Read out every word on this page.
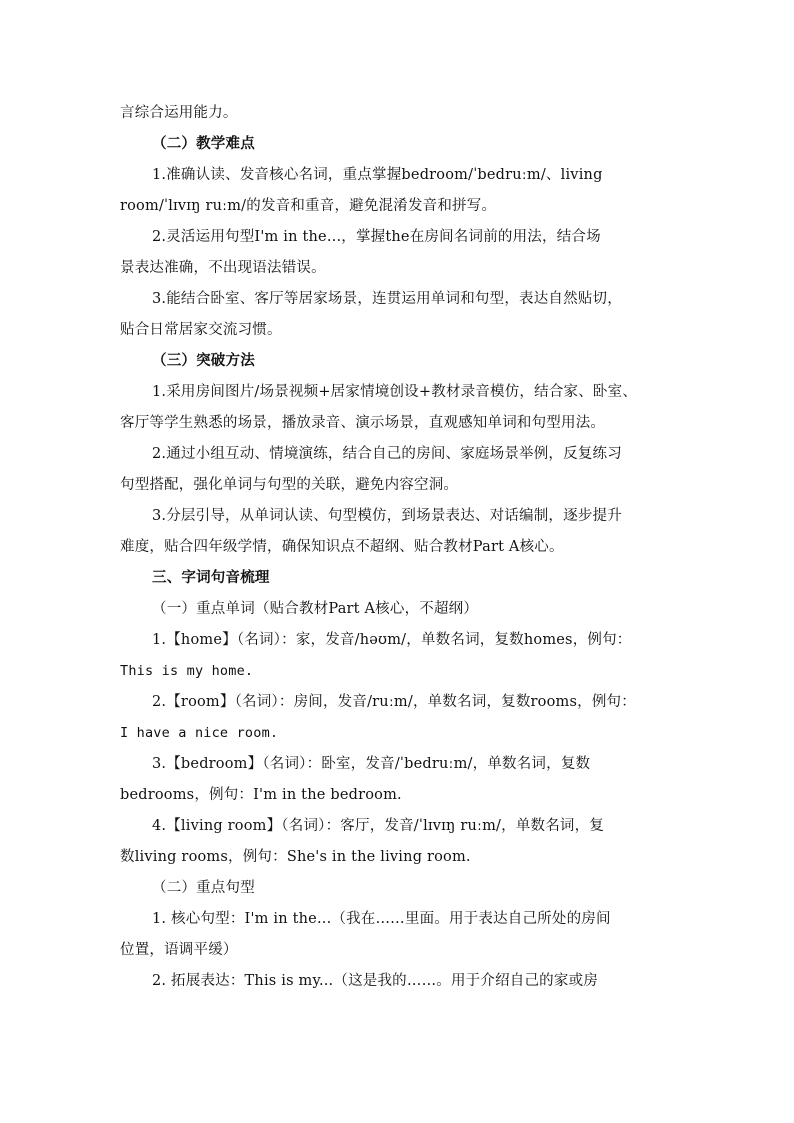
言综合运用能力。
（二）教学难点
1.准确认读、发音核心名词，重点掌握bedroom/ˈbedruːm/、living
room/ˈlɪvɪŋ ruːm/的发音和重音，避免混淆发音和拼写。
2.灵活运用句型I'm in the...，掌握the在房间名词前的用法，结合场
景表达准确，不出现语法错误。
3.能结合卧室、客厅等居家场景，连贯运用单词和句型，表达自然贴切，
贴合日常居家交流习惯。
（三）突破方法
1.采用房间图片/场景视频+居家情境创设+教材录音模仿，结合家、卧室、
客厅等学生熟悉的场景，播放录音、演示场景，直观感知单词和句型用法。
2.通过小组互动、情境演练，结合自己的房间、家庭场景举例，反复练习
句型搭配，强化单词与句型的关联，避免内容空洞。
3.分层引导，从单词认读、句型模仿，到场景表达、对话编制，逐步提升
难度，贴合四年级学情，确保知识点不超纲、贴合教材Part A核心。
三、字词句音梳理
（一）重点单词（贴合教材Part A核心，不超纲）
1.【home】（名词）：家，发音/həʊm/，单数名词，复数homes，例句：
This is my home.
2.【room】（名词）：房间，发音/ruːm/，单数名词，复数rooms，例句：
I have a nice room.
3.【bedroom】（名词）：卧室，发音/ˈbedruːm/，单数名词，复数
bedrooms，例句：I'm in the bedroom.
4.【living room】（名词）：客厅，发音/ˈlɪvɪŋ ruːm/，单数名词，复
数living rooms，例句：She's in the living room.
（二）重点句型
1. 核心句型：I'm in the...（我在……里面。用于表达自己所处的房间
位置，语调平缓）
2. 拓展表达：This is my...（这是我的……。用于介绍自己的家或房
